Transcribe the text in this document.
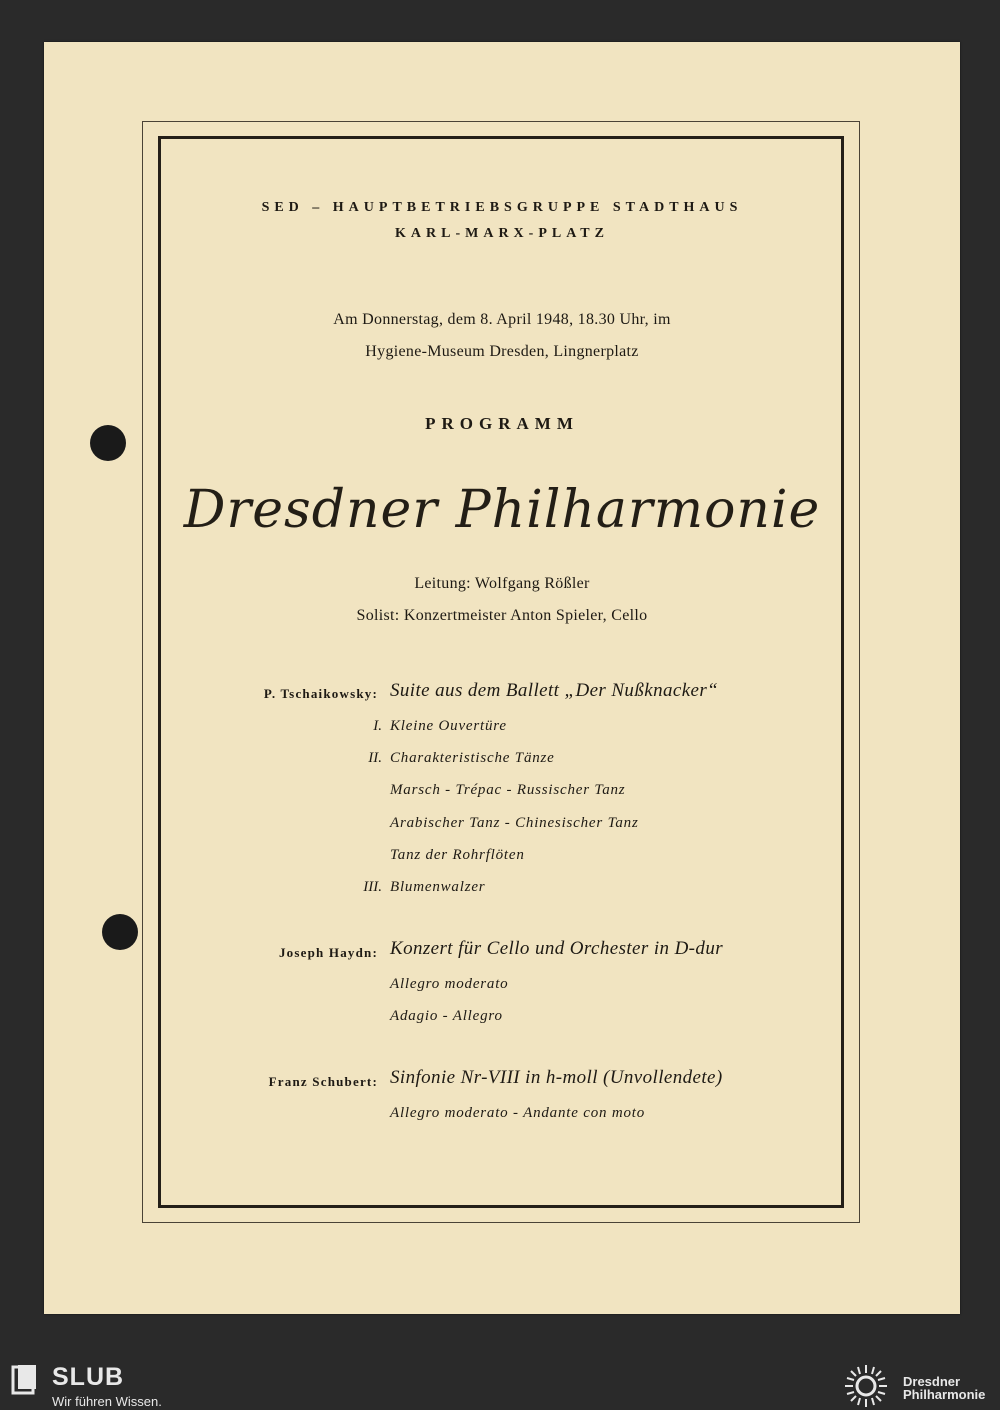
SED – HAUPTBETRIEBSGRUPPE STADTHAUS
KARL-MARX-PLATZ
Am Donnerstag, dem 8. April 1948, 18.30 Uhr, im
Hygiene-Museum Dresden, Lingnerplatz
PROGRAMM
Dresdner Philharmonie
Leitung: Wolfgang Rößler
Solist: Konzertmeister Anton Spieler, Cello
P. Tschaikowsky: Suite aus dem Ballett „Der Nußknacker“
I. Kleine Ouvertüre
II. Charakteristische Tänze
Marsch - Trépac - Russischer Tanz
Arabischer Tanz - Chinesischer Tanz
Tanz der Rohrflöten
III. Blumenwalzer
Joseph Haydn: Konzert für Cello und Orchester in D-dur
Allegro moderato
Adagio - Allegro
Franz Schubert: Sinfonie Nr-VIII in h-moll (Unvollendete)
Allegro moderato - Andante con moto
SLUB
Wir führen Wissen.
Dresdner
Philharmonie
